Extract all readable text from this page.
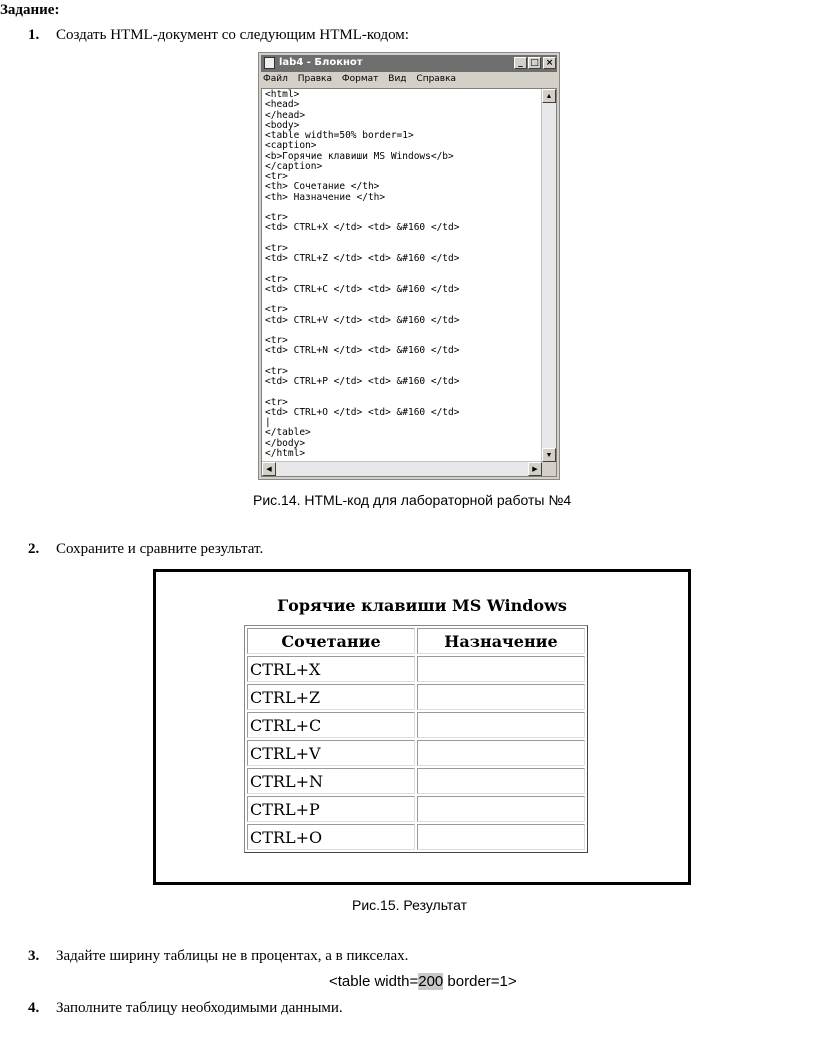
Задание:
1. Создать HTML-документ со следующим HTML-кодом:
lab4 - Блокнот	_ □ ×
Файл Правка Формат Вид Справка
<html>
<head>
</head>
<body>
<table width=50% border=1>
<caption>
<b>Горячие клавиши MS Windows</b>
</caption>
<tr>
<th> Сочетание </th>
<th> Назначение </th>

<tr>
<td> CTRL+X </td> <td> &#160 </td>

<tr>
<td> CTRL+Z </td> <td> &#160 </td>

<tr>
<td> CTRL+C </td> <td> &#160 </td>

<tr>
<td> CTRL+V </td> <td> &#160 </td>

<tr>
<td> CTRL+N </td> <td> &#160 </td>

<tr>
<td> CTRL+P </td> <td> &#160 </td>

<tr>
<td> CTRL+O </td> <td> &#160 </td>
|
</table>
</body>
</html>
▲
▼
◀	▶
Рис.14. HTML-код для лабораторной работы №4
2. Сохраните и сравните результат.
Горячие клавиши MS Windows
Сочетание	Назначение
CTRL+X	
CTRL+Z	
CTRL+C	
CTRL+V	
CTRL+N	
CTRL+P	
CTRL+O	
Рис.15. Результат
3. Задайте ширину таблицы не в процентах, а в пикселах.
<table width=200 border=1>
4. Заполните таблицу необходимыми данными.
